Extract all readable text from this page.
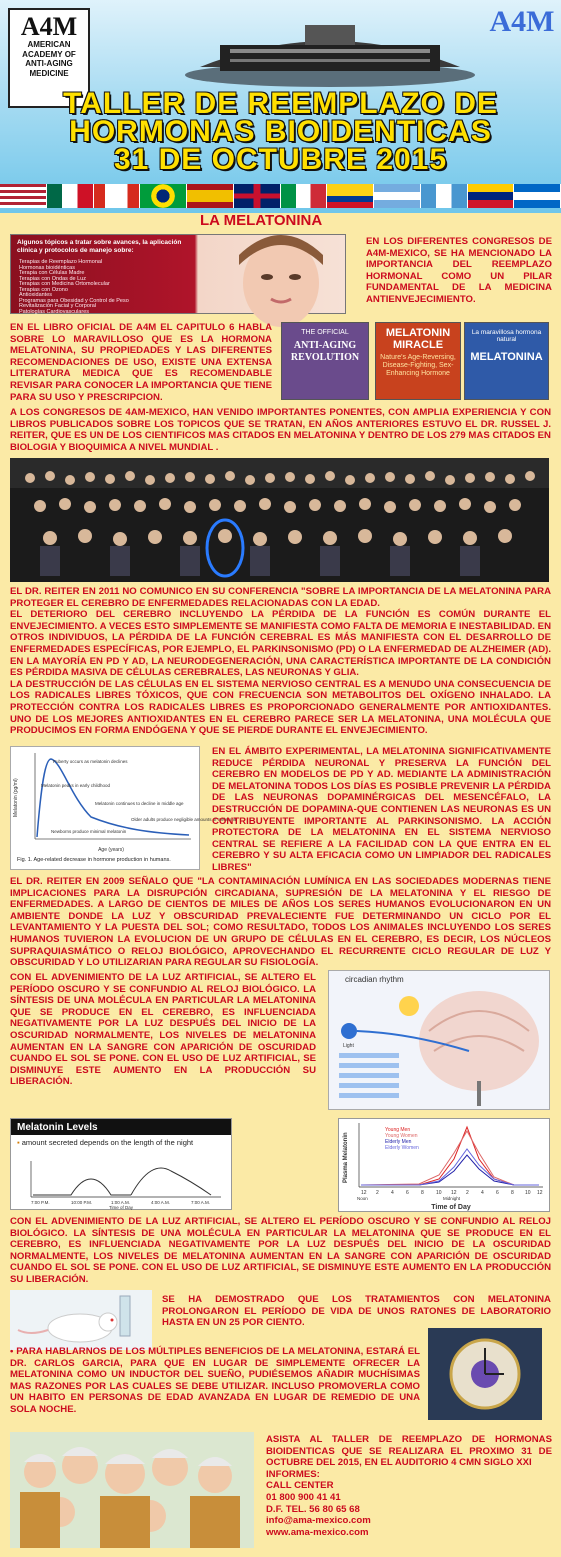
A4M
AMERICAN
ACADEMY OF
ANTI-AGING
MEDICINE
A4M
TALLER DE REEMPLAZO DE
HORMONAS BIOIDENTICAS
31 DE OCTUBRE 2015
LA MELATONINA
Algunos tópicos a tratar sobre avances, la aplicación clínica y protocolos de manejo sobre:
Terapias de Reemplazo Hormonal
Hormonas bioidénticas
Terapia con Células Madre
Terapias con Ondas de Luz
Terapias con Medicina Ortomolecular
Terapias con Ozono
Antioxidantes
Programas para Obesidad y Control de Peso
Revitalización Facial y Corporal
Patologías Cardiovasculares
EN LOS DIFERENTES CONGRESOS DE A4M-MEXICO, SE HA MENCIONADO LA IMPORTANCIA DEL REEMPLAZO HORMONAL COMO UN PILAR FUNDAMENTAL DE LA MEDICINA ANTIENVEJECIMIENTO.
EN EL LIBRO OFICIAL DE A4M EL CAPITULO 6 HABLA SOBRE LO MARAVILLOSO QUE ES LA HORMONA MELATONINA, SU PROPIEDADES Y LAS DIFERENTES RECOMENDACIONES DE USO, EXISTE UNA EXTENSA LITERATURA MEDICA QUE ES RECOMENDABLE REVISAR PARA CONOCER LA IMPORTANCIA QUE TIENE PARA SU USO Y PRESCRIPCION.
THE OFFICIAL
ANTI-AGING REVOLUTION
MELATONIN MIRACLE
Nature's Age-Reversing, Disease-Fighting, Sex-Enhancing Hormone
La maravillosa hormona natural
MELATONINA
A LOS CONGRESOS DE 4AM-MEXICO, HAN VENIDO IMPORTANTES PONENTES, CON AMPLIA EXPERIENCIA Y CON LIBROS PUBLICADOS SOBRE LOS TOPICOS QUE SE TRATAN, EN AÑOS ANTERIORES ESTUVO EL DR. RUSSEL J. REITER, QUE ES UN DE LOS CIENTIFICOS MAS CITADOS EN MELATONINA Y DENTRO DE LOS 279 MAS CITADOS EN BIOLOGIA Y BIOQUIMICA A NIVEL MUNDIAL .
EL DR. REITER EN 2011 NO COMUNICO EN SU CONFERENCIA "SOBRE LA IMPORTANCIA DE LA MELATONINA PARA PROTEGER EL CEREBRO DE ENFERMEDADES RELACIONADAS CON LA EDAD.
EL DETERIORO DEL CEREBRO INCLUYENDO LA PÉRDIDA DE LA FUNCIÓN ES COMÚN DURANTE EL ENVEJECIMIENTO. A VECES ESTO SIMPLEMENTE SE MANIFIESTA COMO FALTA DE MEMORIA E INESTABILIDAD. EN OTROS INDIVIDUOS, LA PÉRDIDA DE LA FUNCIÓN CEREBRAL ES MÁS MANIFIESTA CON EL DESARROLLO DE ENFERMEDADES ESPECÍFICAS, POR EJEMPLO, EL PARKINSONISMO (PD) O LA ENFERMEDAD DE ALZHEIMER (AD). EN LA MAYORÍA EN PD Y AD, LA NEURODEGENERACIÓN, UNA CARACTERÍSTICA IMPORTANTE DE LA CONDICIÓN ES PÉRDIDA MASIVA DE CÉLULAS CEREBRALES, LAS NEURONAS Y GLIA.
LA DESTRUCCIÓN DE LAS CÉLULAS EN EL SISTEMA NERVIOSO CENTRAL ES A MENUDO UNA CONSECUENCIA DE LOS RADICALES LIBRES TÓXICOS, QUE CON FRECUENCIA SON METABOLITOS DEL OXÍGENO INHALADO. LA PROTECCIÓN CONTRA LOS RADICALES LIBRES ES PROPORCIONADO GENERALMENTE POR ANTIOXIDANTES. UNO DE LOS MEJORES ANTIOXIDANTES EN EL CEREBRO PARECE SER LA MELATONINA, UNA MOLÉCULA QUE PRODUCIMOS EN FORMA ENDÓGENA Y QUE SE PIERDE DURANTE EL ENVEJECIMIENTO.
Puberty occurs as melatonin declines
Melatonin peaks in early childhood
Melatonin continues to decline in middle age
Older adults produce negligible amounts of melatonin
Newborns produce minimal melatonin
Melatonin (pg/ml)
Age (years)
Fig. 1. Age-related decrease in hormone production in humans.
EN EL ÁMBITO EXPERIMENTAL, LA MELATONINA SIGNIFICATIVAMENTE REDUCE PÉRDIDA NEURONAL Y PRESERVA LA FUNCIÓN DEL CEREBRO EN MODELOS DE PD Y AD. MEDIANTE LA ADMINISTRACIÓN DE MELATONINA TODOS LOS DÍAS ES POSIBLE PREVENIR LA PÉRDIDA DE LAS NEURONAS DOPAMINÉRGICAS DEL MESENCÉFALO, LA DESTRUCCIÓN DE DOPAMINA-QUE CONTIENEN LAS NEURONAS ES UN CONTRIBUYENTE IMPORTANTE AL PARKINSONISMO. LA ACCIÓN PROTECTORA DE LA MELATONINA EN EL SISTEMA NERVIOSO CENTRAL SE REFIERE A LA FACILIDAD CON LA QUE ENTRA EN EL CEREBRO Y SU ALTA EFICACIA COMO UN LIMPIADOR DEL RADICALES LIBRES"
EL DR. REITER EN 2009 SEÑALO QUE "LA CONTAMINACIÓN LUMÍNICA EN LAS SOCIEDADES MODERNAS TIENE IMPLICACIONES PARA LA DISRUPCIÓN CIRCADIANA, SUPRESIÓN DE LA MELATONINA Y EL RIESGO DE ENFERMEDADES. A LARGO DE CIENTOS DE MILES DE AÑOS LOS SERES HUMANOS EVOLUCIONARON EN UN AMBIENTE DONDE LA LUZ Y OBSCURIDAD PREVALECIENTE FUE DETERMINANDO UN CICLO POR EL LEVANTAMIENTO Y LA PUESTA DEL SOL; COMO RESULTADO, TODOS LOS ANIMALES INCLUYENDO LOS SERES HUMANOS TUVIERON LA EVOLUCION DE UN GRUPO DE CÉLULAS EN EL CEREBRO, ES DECIR, LOS NÚCLEOS SUPRAQUIASMÁTICO O RELOJ BIOLÓGICO, APROVECHANDO EL RECURRENTE CICLO REGULAR DE LUZ Y OBSCURIDAD Y LO UTILIZARIAN PARA REGULAR SU FISIOLOGÍA.
CON EL ADVENIMIENTO DE LA LUZ ARTIFICIAL, SE ALTERO EL PERÍODO OSCURO Y SE CONFUNDIO AL RELOJ BIOLÓGICO. LA SÍNTESIS DE UNA MOLÉCULA EN PARTICULAR LA MELATONINA QUE SE PRODUCE EN EL CEREBRO, ES INFLUENCIADA NEGATIVAMENTE POR LA LUZ DESPUÉS DEL INICIO DE LA OSCURIDAD NORMALMENTE, LOS NIVELES DE MELATONINA AUMENTAN EN LA SANGRE CON APARICIÓN DE OSCURIDAD CUANDO EL SOL SE PONE. CON EL USO DE LUZ ARTIFICIAL, SE DISMINUYE ESTE AUMENTO EN LA PRODUCCIÓN SU LIBERACIÓN.
circadian rhythm
Light
Melatonin Levels
▪ amount secreted depends on the length of the night
7:00 P.M.	10:00 P.M.	1:00 A.M.	4:00 A.M.	7:00 A.M.
Time of Day
Plasma Melatonin
Young Men
Young Women
Elderly Men
Elderly Women
12 2 4 6 8 10 12 2 4 6 8 10 12
Noon	Midnight
Time of Day
CON EL ADVENIMIENTO DE LA LUZ ARTIFICIAL, SE ALTERO EL PERÍODO OSCURO Y SE CONFUNDIO AL RELOJ BIOLÓGICO. LA SÍNTESIS DE UNA MOLÉCULA EN PARTICULAR LA MELATONINA QUE SE PRODUCE EN EL CEREBRO, ES INFLUENCIADA NEGATIVAMENTE POR LA LUZ DESPUÉS DEL INICIO DE LA OSCURIDAD NORMALMENTE, LOS NIVELES DE MELATONINA AUMENTAN EN LA SANGRE CON APARICIÓN DE OSCURIDAD CUANDO EL SOL SE PONE. CON EL USO DE LUZ ARTIFICIAL, SE DISMINUYE ESTE AUMENTO EN LA PRODUCCIÓN SU LIBERACIÓN.
SE HA DEMOSTRADO QUE LOS TRATAMIENTOS CON MELATONINA PROLONGARON EL PERÍODO DE VIDA DE UNOS RATONES DE LABORATORIO HASTA EN UN 25 POR CIENTO.
• PARA HABLARNOS DE LOS MÚLTIPLES BENEFICIOS DE LA MELATONINA, ESTARÁ EL DR. CARLOS GARCIA, PARA QUE EN LUGAR DE SIMPLEMENTE OFRECER LA MELATONINA COMO UN INDUCTOR DEL SUEÑO, PUDIÉSEMOS AÑADIR MUCHÍSIMAS MAS RAZONES POR LAS CUALES SE DEBE UTILIZAR. INCLUSO PROMOVERLA COMO UN HABITO EN PERSONAS DE EDAD AVANZADA EN LUGAR DE REMEDIO DE UNA SOLA NOCHE.
ASISTA AL TALLER DE REEMPLAZO DE HORMONAS BIOIDENTICAS QUE SE REALIZARA EL PROXIMO 31 DE OCTUBRE DEL 2015, EN EL AUDITORIO 4 CMN SIGLO XXI
INFORMES:
CALL CENTER
01 800 900 41 41
D.F. TEL. 56 80 65 68
info@ama-mexico.com
www.ama-mexico.com
